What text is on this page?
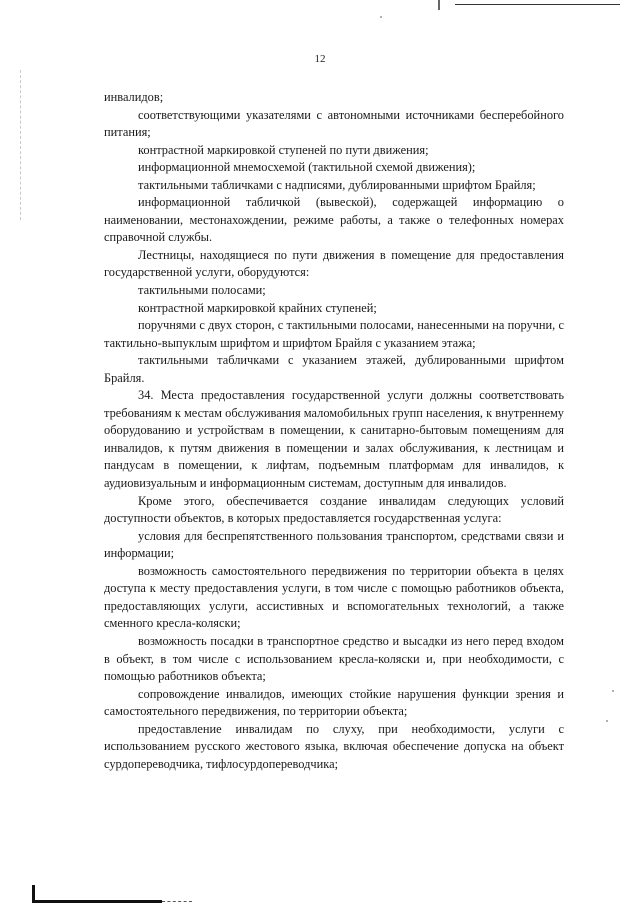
12

инвалидов;

соответствующими указателями с автономными источниками бесперебойного питания;

контрастной маркировкой ступеней по пути движения;

информационной мнемосхемой (тактильной схемой движения);

тактильными табличками с надписями, дублированными шрифтом Брайля;

информационной табличкой (вывеской), содержащей информацию о наименовании, местонахождении, режиме работы, а также о телефонных номерах справочной службы.

Лестницы, находящиеся по пути движения в помещение для предоставления государственной услуги, оборудуются:

тактильными полосами;

контрастной маркировкой крайних ступеней;

поручнями с двух сторон, с тактильными полосами, нанесенными на поручни, с тактильно-выпуклым шрифтом и шрифтом Брайля с указанием этажа;

тактильными табличками с указанием этажей, дублированными шрифтом Брайля.

34. Места предоставления государственной услуги должны соответствовать требованиям к местам обслуживания маломобильных групп населения, к внутреннему оборудованию и устройствам в помещении, к санитарно-бытовым помещениям для инвалидов, к путям движения в помещении и залах обслуживания, к лестницам и пандусам в помещении, к лифтам, подъемным платформам для инвалидов, к аудиовизуальным и информационным системам, доступным для инвалидов.

Кроме этого, обеспечивается создание инвалидам следующих условий доступности объектов, в которых предоставляется государственная услуга:

условия для беспрепятственного пользования транспортом, средствами связи и информации;

возможность самостоятельного передвижения по территории объекта в целях доступа к месту предоставления услуги, в том числе с помощью работников объекта, предоставляющих услуги, ассистивных и вспомогательных технологий, а также сменного кресла-коляски;

возможность посадки в транспортное средство и высадки из него перед входом в объект, в том числе с использованием кресла-коляски и, при необходимости, с помощью работников объекта;

сопровождение инвалидов, имеющих стойкие нарушения функции зрения и самостоятельного передвижения, по территории объекта;

предоставление инвалидам по слуху, при необходимости, услуги с использованием русского жестового языка, включая обеспечение допуска на объект сурдопереводчика, тифлосурдопереводчика;
